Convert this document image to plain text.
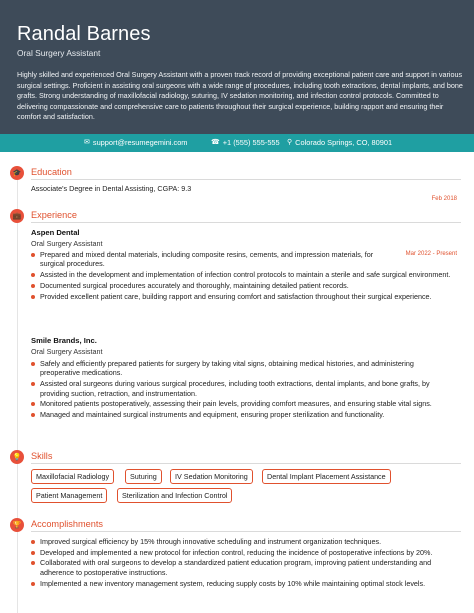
Randal Barnes
Oral Surgery Assistant
Highly skilled and experienced Oral Surgery Assistant with a proven track record of providing exceptional patient care and support in various surgical settings. Proficient in assisting oral surgeons with a wide range of procedures, including tooth extractions, dental implants, and bone grafts. Strong understanding of maxillofacial radiology, suturing, IV sedation monitoring, and infection control protocols. Committed to delivering compassionate and comprehensive care to patients throughout their surgical experience, building rapport and ensuring their comfort and satisfaction.
✉ support@resumegemini.com	☎ +1 (555) 555-555 ⚲ Colorado Springs, CO, 80901
🎓 Education
Associate's Degree in Dental Assisting, CGPA: 9.3
Feb 2018
💼 Experience
Aspen Dental
Oral Surgery Assistant
Mar 2022 - Present
Prepared and mixed dental materials, including composite resins, cements, and impression materials, for surgical procedures.
Assisted in the development and implementation of infection control protocols to maintain a sterile and safe surgical environment.
Documented surgical procedures accurately and thoroughly, maintaining detailed patient records.
Provided excellent patient care, building rapport and ensuring comfort and satisfaction throughout their surgical experience.
Smile Brands, Inc.
Oral Surgery Assistant
Safely and efficiently prepared patients for surgery by taking vital signs, obtaining medical histories, and administering preoperative medications.
Assisted oral surgeons during various surgical procedures, including tooth extractions, dental implants, and bone grafts, by providing suction, retraction, and instrumentation.
Monitored patients postoperatively, assessing their pain levels, providing comfort measures, and ensuring stable vital signs.
Managed and maintained surgical instruments and equipment, ensuring proper sterilization and functionality.
💡 Skills
Maxillofacial Radiology	Suturing	IV Sedation Monitoring	Dental Implant Placement Assistance
Patient Management	Sterilization and Infection Control
🏆 Accomplishments
Improved surgical efficiency by 15% through innovative scheduling and instrument organization techniques.
Developed and implemented a new protocol for infection control, reducing the incidence of postoperative infections by 20%.
Collaborated with oral surgeons to develop a standardized patient education program, improving patient understanding and adherence to postoperative instructions.
Implemented a new inventory management system, reducing supply costs by 10% while maintaining optimal stock levels.
